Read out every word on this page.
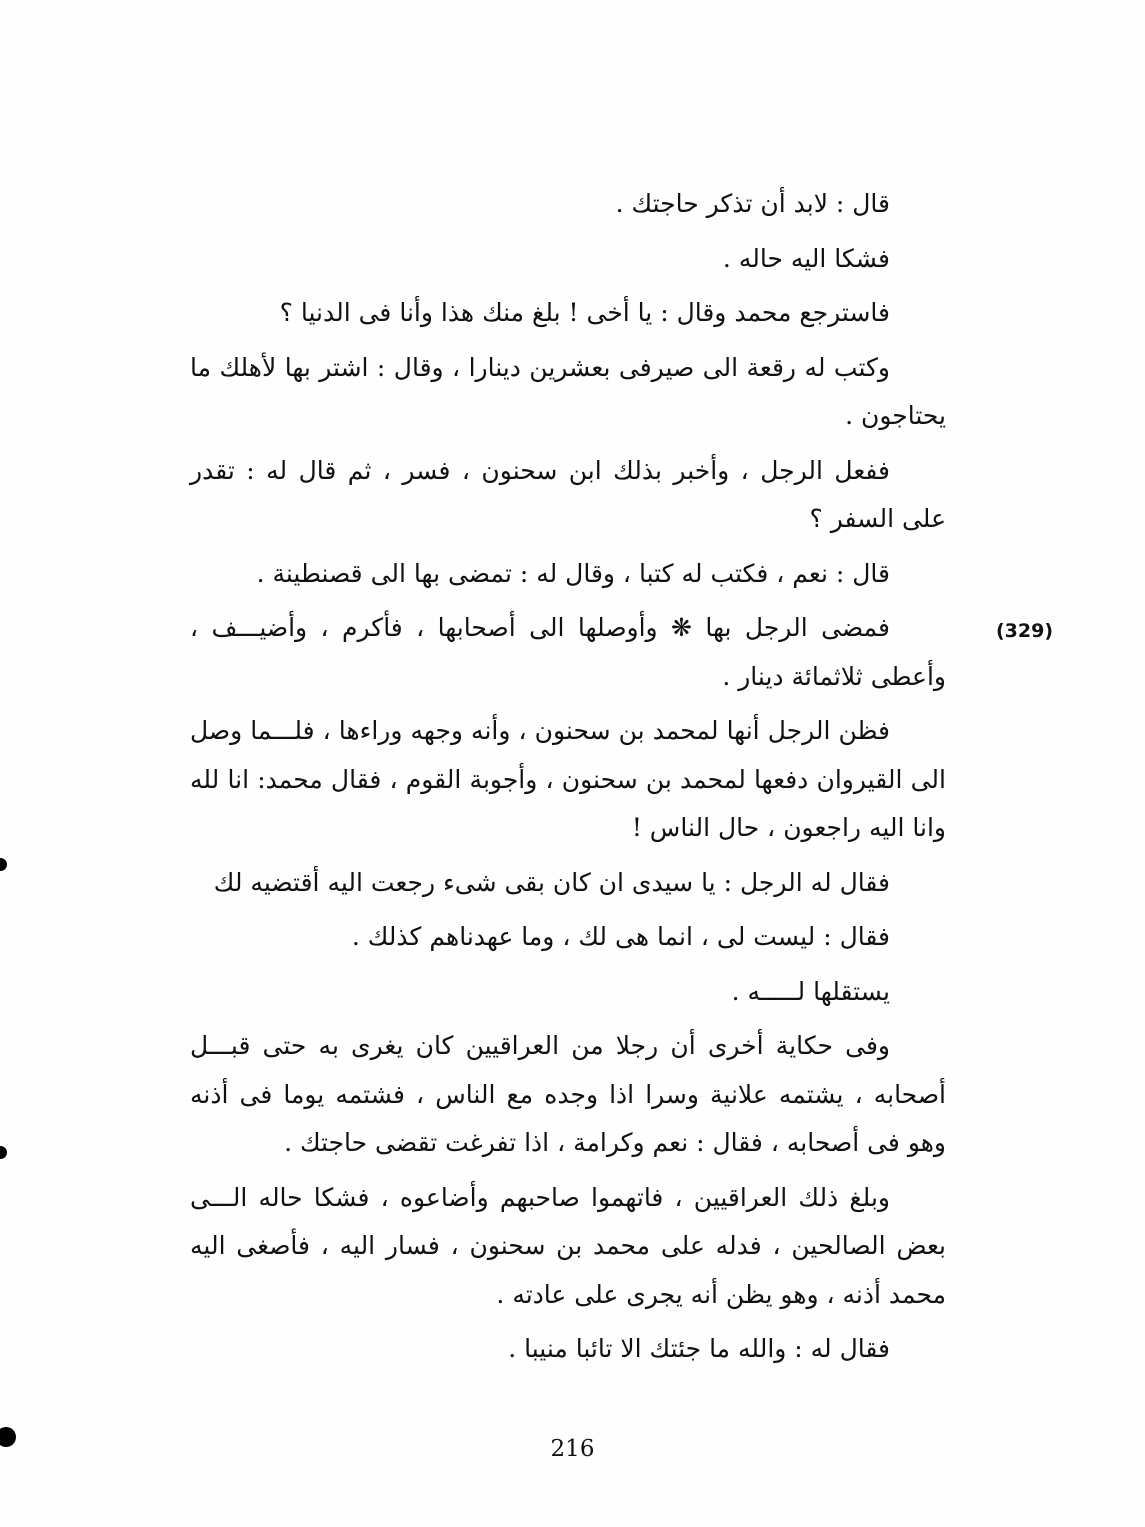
(329)

قال : لابد أن تذكر حاجتك .

فشكا اليه حاله .

فاسترجع محمد وقال : يا أخى ! بلغ منك هذا وأنا فى الدنيا ؟

وكتب له رقعة الى صيرفى بعشرين دينارا ، وقال : اشتر بها لأهلك ما يحتاجون .

ففعل الرجل ، وأخبر بذلك ابن سحنون ، فسر ، ثم قال له : تقدر على السفر ؟

قال : نعم ، فكتب له كتبا ، وقال له : تمضى بها الى قصنطينة .

فمضى الرجل بها ❋ وأوصلها الى أصحابها ، فأكرم ، وأضيـــف ، وأعطى ثلاثمائة دينار .

فظن الرجل أنها لمحمد بن سحنون ، وأنه وجهه وراءها ، فلـــما وصل الى القيروان دفعها لمحمد بن سحنون ، وأجوبة القوم ، فقال محمد: انا لله وانا اليه راجعون ، حال الناس !

فقال له الرجل : يا سيدى ان كان بقى شىء رجعت اليه أقتضيه لك

فقال : ليست لى ، انما هى لك ، وما عهدناهم كذلك .

يستقلها لـــــه .

وفى حكاية أخرى أن رجلا من العراقيين كان يغرى به حتى قبـــل أصحابه ، يشتمه علانية وسرا اذا وجده مع الناس ، فشتمه يوما فى أذنه وهو فى أصحابه ، فقال : نعم وكرامة ، اذا تفرغت تقضى حاجتك .

وبلغ ذلك العراقيين ، فاتهموا صاحبهم وأضاعوه ، فشكا حاله الـــى بعض الصالحين ، فدله على محمد بن سحنون ، فسار اليه ، فأصغى اليه محمد أذنه ، وهو يظن أنه يجرى على عادته .

فقال له : والله ما جئتك الا تائبا منيبا .

216
